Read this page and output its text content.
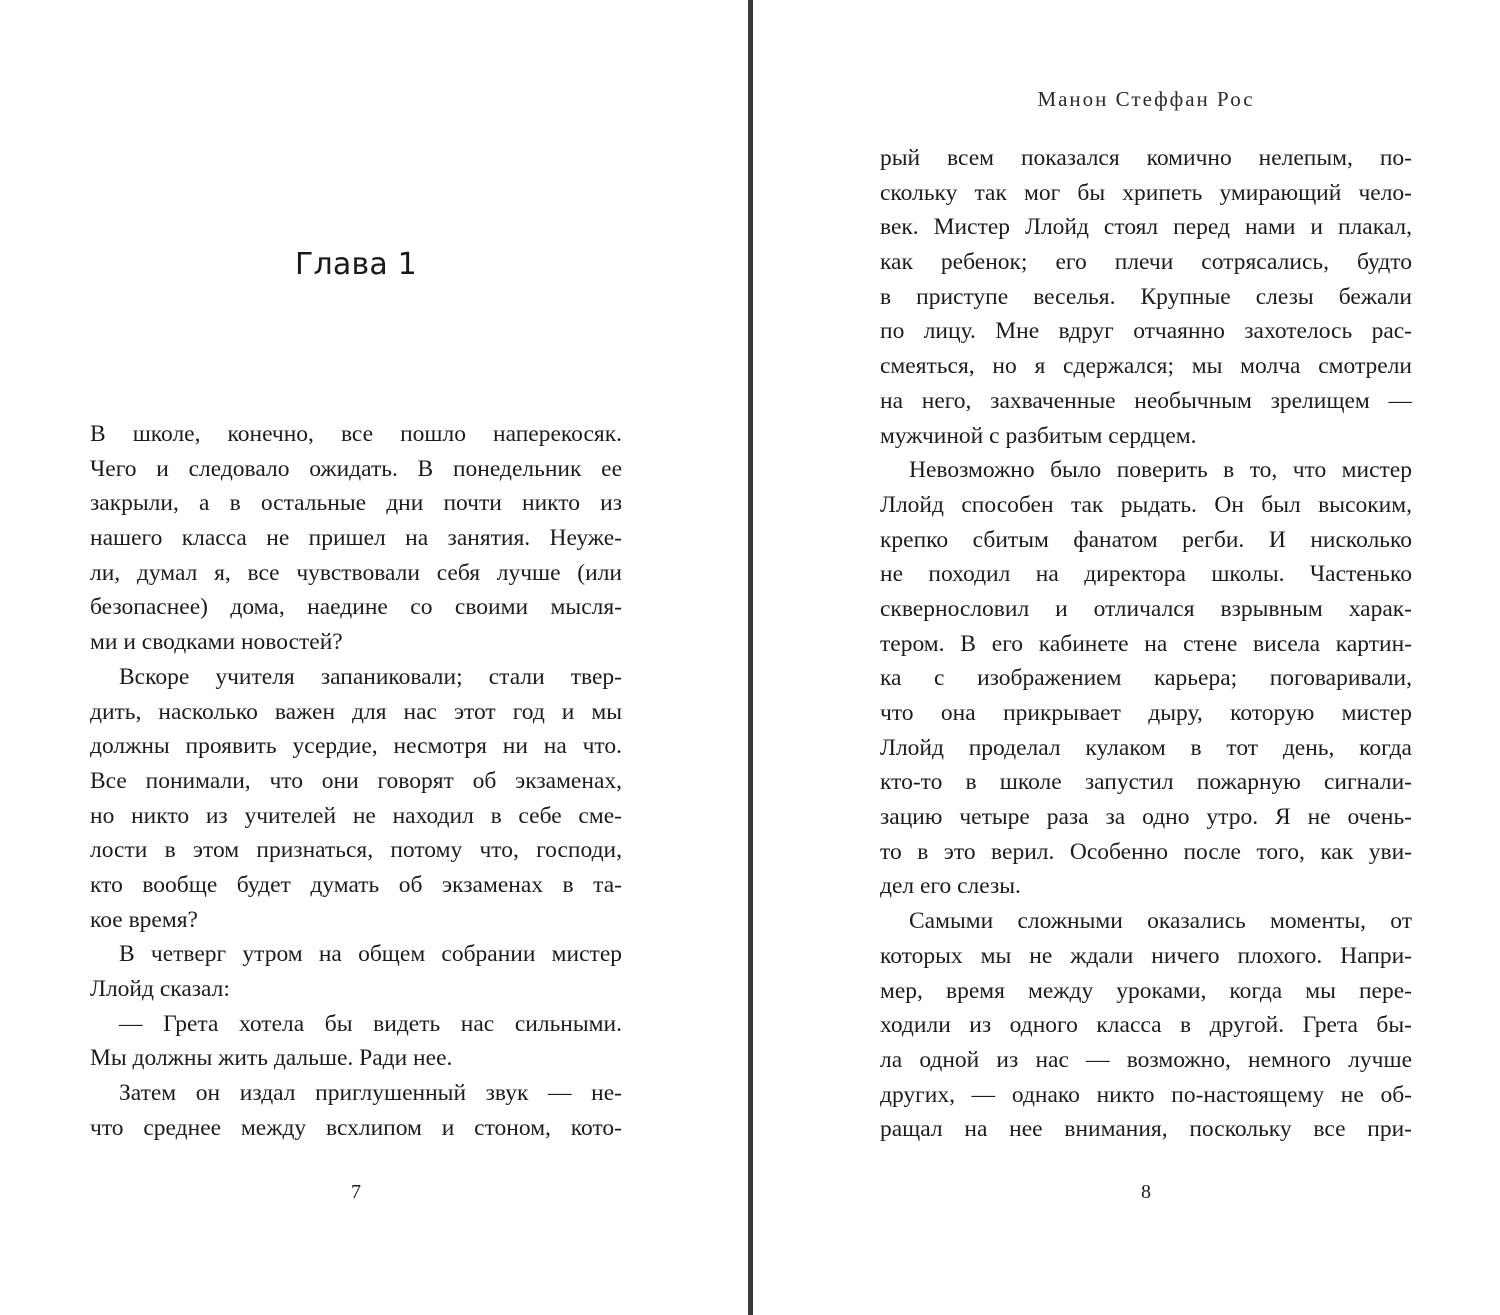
Глава 1
В школе, конечно, все пошло наперекосяк.
Чего и следовало ожидать. В понедельник ее
закрыли, а в остальные дни почти никто из
нашего класса не пришел на занятия. Неуже-
ли, думал я, все чувствовали себя лучше (или
безопаснее) дома, наедине со своими мысля-
ми и сводками новостей?
Вскоре учителя запаниковали; стали твер-
дить, насколько важен для нас этот год и мы
должны проявить усердие, несмотря ни на что.
Все понимали, что они говорят об экзаменах,
но никто из учителей не находил в себе сме-
лости в этом признаться, потому что, господи,
кто вообще будет думать об экзаменах в та-
кое время?
В четверг утром на общем собрании мистер
Ллойд сказал:
— Грета хотела бы видеть нас сильными.
Мы должны жить дальше. Ради нее.
Затем он издал приглушенный звук — не-
что среднее между всхлипом и стоном, кото-

7

Манон Стеффан Рос

рый всем показался комично нелепым, по-
скольку так мог бы хрипеть умирающий чело-
век. Мистер Ллойд стоял перед нами и плакал,
как ребенок; его плечи сотрясались, будто
в приступе веселья. Крупные слезы бежали
по лицу. Мне вдруг отчаянно захотелось рас-
смеяться, но я сдержался; мы молча смотрели
на него, захваченные необычным зрелищем —
мужчиной с разбитым сердцем.
Невозможно было поверить в то, что мистер
Ллойд способен так рыдать. Он был высоким,
крепко сбитым фанатом регби. И нисколько
не походил на директора школы. Частенько
сквернословил и отличался взрывным харак-
тером. В его кабинете на стене висела картин-
ка с изображением карьера; поговаривали,
что она прикрывает дыру, которую мистер
Ллойд проделал кулаком в тот день, когда
кто-то в школе запустил пожарную сигнали-
зацию четыре раза за одно утро. Я не очень-
то в это верил. Особенно после того, как уви-
дел его слезы.
Самыми сложными оказались моменты, от
которых мы не ждали ничего плохого. Напри-
мер, время между уроками, когда мы пере-
ходили из одного класса в другой. Грета бы-
ла одной из нас — возможно, немного лучше
других, — однако никто по-настоящему не об-
ращал на нее внимания, поскольку все при-

8
